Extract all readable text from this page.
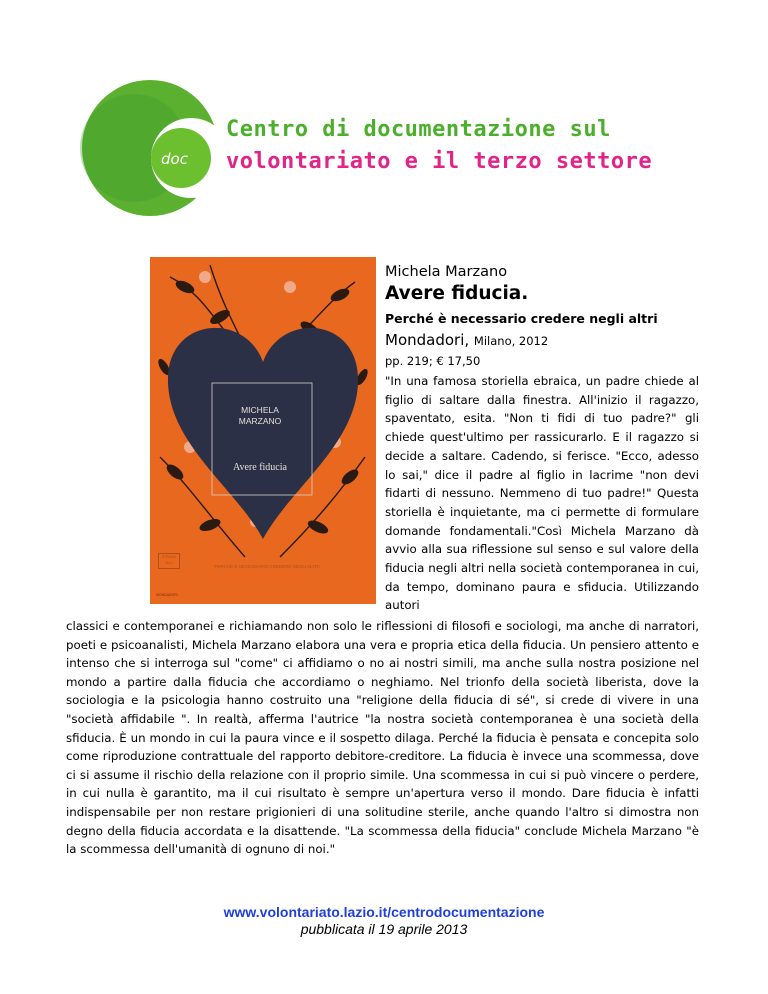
doc
Centro di documentazione sul
volontariato e il terzo settore
MICHELA MARZANO
Avere fiducia
STRADE BLU
PERCHÉ È NECESSARIO CREDERE NEGLI ALTRI
MONDADORI
Michela Marzano
Avere fiducia.
Perché è necessario credere negli altri
Mondadori, Milano, 2012
pp. 219; € 17,50

"In una famosa storiella ebraica, un padre chiede al figlio di saltare dalla finestra. All'inizio il ragazzo, spaventato, esita. "Non ti fidi di tuo padre?" gli chiede quest'ultimo per rassicurarlo. E il ragazzo si decide a saltare. Cadendo, si ferisce. "Ecco, adesso lo sai," dice il padre al figlio in lacrime "non devi fidarti di nessuno. Nemmeno di tuo padre!" Questa storiella è inquietante, ma ci permette di formulare domande fondamentali."Così Michela Marzano dà avvio alla sua riflessione sul senso e sul valore della fiducia negli altri nella società contemporanea in cui, da tempo, dominano paura e sfiducia. Utilizzando autori

classici e contemporanei e richiamando non solo le riflessioni di filosofi e sociologi, ma anche di narratori, poeti e psicoanalisti, Michela Marzano elabora una vera e propria etica della fiducia. Un pensiero attento e intenso che si interroga sul "come" ci affidiamo o no ai nostri simili, ma anche sulla nostra posizione nel mondo a partire dalla fiducia che accordiamo o neghiamo. Nel trionfo della società liberista, dove la sociologia e la psicologia hanno costruito una "religione della fiducia di sé", si crede di vivere in una "società affidabile ". In realtà, afferma l'autrice "la nostra società contemporanea è una società della sfiducia. È un mondo in cui la paura vince e il sospetto dilaga. Perché la fiducia è pensata e concepita solo come riproduzione contrattuale del rapporto debitore-creditore. La fiducia è invece una scommessa, dove ci si assume il rischio della relazione con il proprio simile. Una scommessa in cui si può vincere o perdere, in cui nulla è garantito, ma il cui risultato è sempre un'apertura verso il mondo. Dare fiducia è infatti indispensabile per non restare prigionieri di una solitudine sterile, anche quando l'altro si dimostra non degno della fiducia accordata e la disattende. "La scommessa della fiducia" conclude Michela Marzano "è la scommessa dell'umanità di ognuno di noi."

www.volontariato.lazio.it/centrodocumentazione
pubblicata il 19 aprile 2013
